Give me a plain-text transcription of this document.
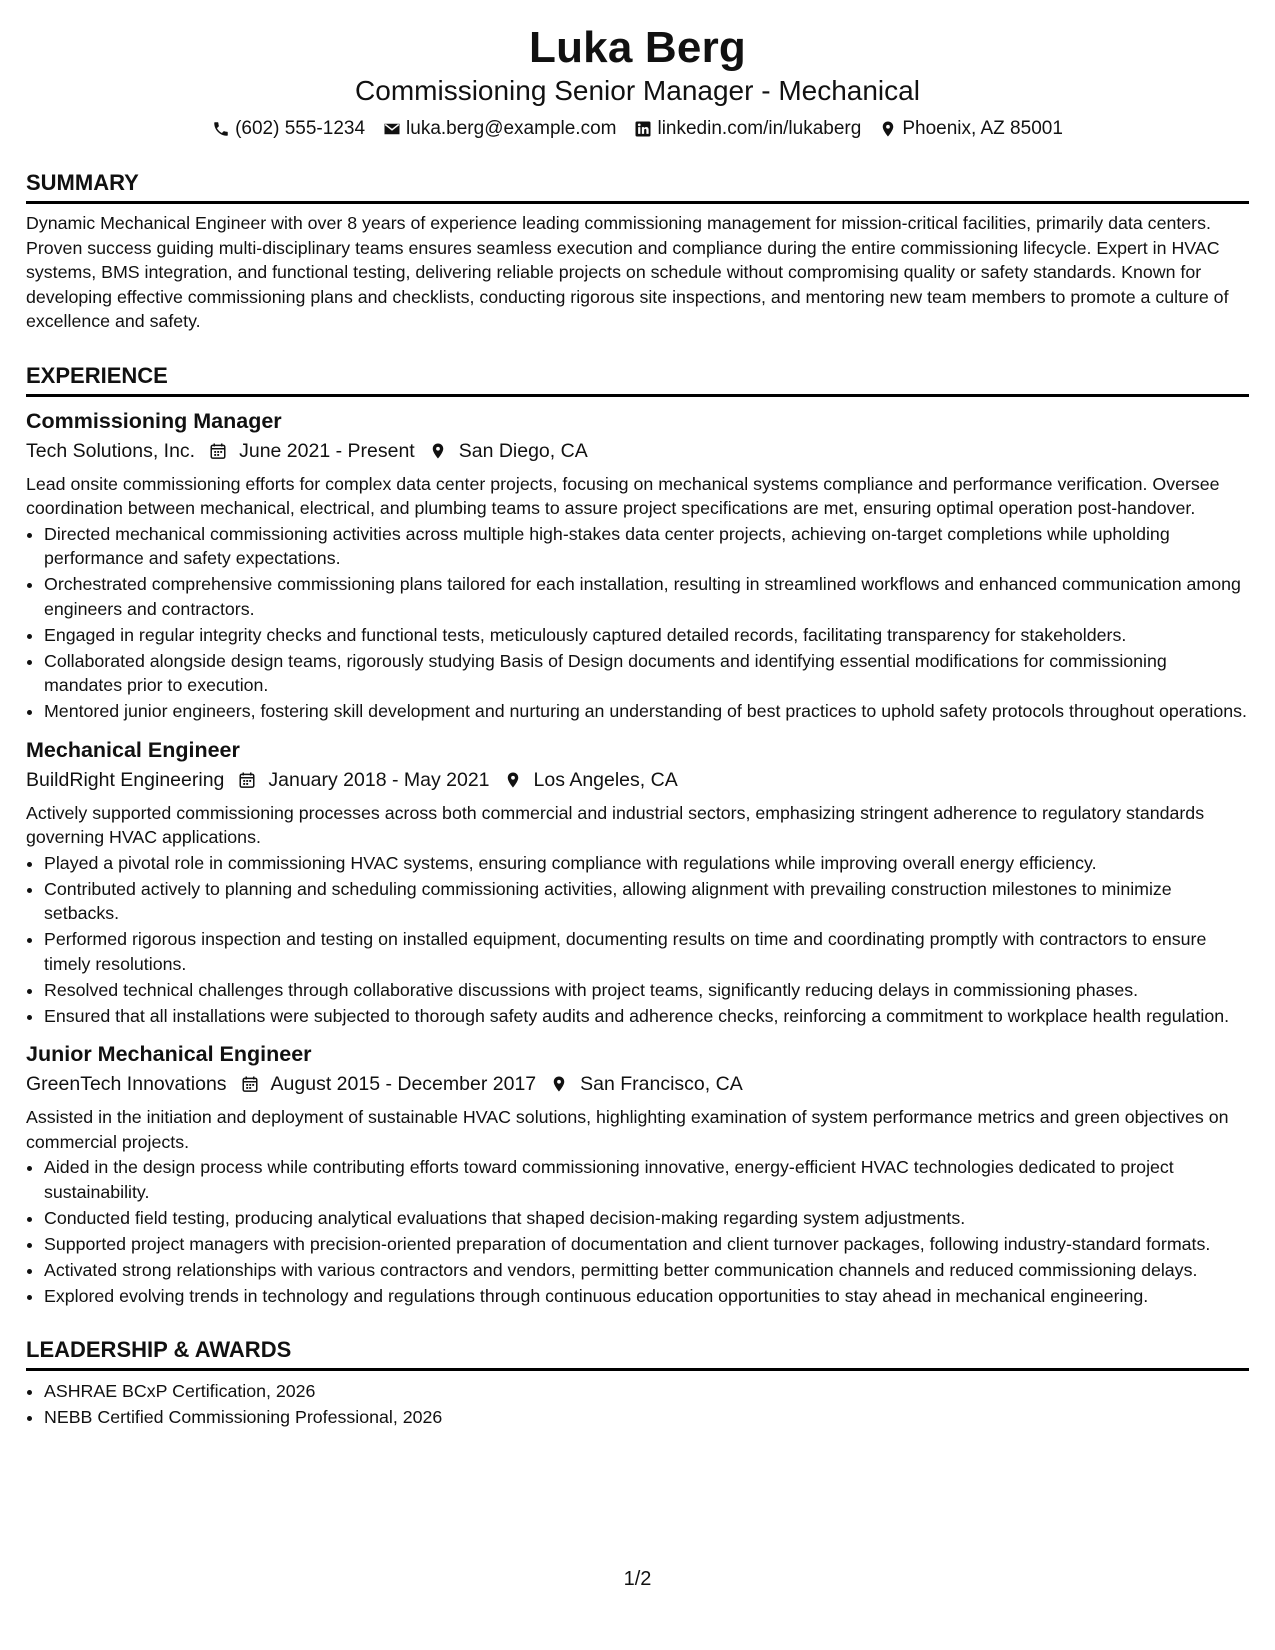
Luka Berg
Commissioning Senior Manager - Mechanical
(602) 555-1234 luka.berg@example.com linkedin.com/in/lukaberg Phoenix, AZ 85001
SUMMARY

Dynamic Mechanical Engineer with over 8 years of experience leading commissioning management for mission-critical facilities, primarily data centers. Proven success guiding multi-disciplinary teams ensures seamless execution and compliance during the entire commissioning lifecycle. Expert in HVAC systems, BMS integration, and functional testing, delivering reliable projects on schedule without compromising quality or safety standards. Known for developing effective commissioning plans and checklists, conducting rigorous site inspections, and mentoring new team members to promote a culture of excellence and safety.

EXPERIENCE
Commissioning Manager
Tech Solutions, Inc. June 2021 - Present San Diego, CA

Lead onsite commissioning efforts for complex data center projects, focusing on mechanical systems compliance and performance verification. Oversee coordination between mechanical, electrical, and plumbing teams to assure project specifications are met, ensuring optimal operation post-handover.

• Directed mechanical commissioning activities across multiple high-stakes data center projects, achieving on-target completions while upholding performance and safety expectations.
• Orchestrated comprehensive commissioning plans tailored for each installation, resulting in streamlined workflows and enhanced communication among engineers and contractors.
• Engaged in regular integrity checks and functional tests, meticulously captured detailed records, facilitating transparency for stakeholders.
• Collaborated alongside design teams, rigorously studying Basis of Design documents and identifying essential modifications for commissioning mandates prior to execution.
• Mentored junior engineers, fostering skill development and nurturing an understanding of best practices to uphold safety protocols throughout operations.
Mechanical Engineer
BuildRight Engineering January 2018 - May 2021 Los Angeles, CA

Actively supported commissioning processes across both commercial and industrial sectors, emphasizing stringent adherence to regulatory standards governing HVAC applications.

• Played a pivotal role in commissioning HVAC systems, ensuring compliance with regulations while improving overall energy efficiency.
• Contributed actively to planning and scheduling commissioning activities, allowing alignment with prevailing construction milestones to minimize setbacks.
• Performed rigorous inspection and testing on installed equipment, documenting results on time and coordinating promptly with contractors to ensure timely resolutions.
• Resolved technical challenges through collaborative discussions with project teams, significantly reducing delays in commissioning phases.
• Ensured that all installations were subjected to thorough safety audits and adherence checks, reinforcing a commitment to workplace health regulation.
Junior Mechanical Engineer
GreenTech Innovations August 2015 - December 2017 San Francisco, CA

Assisted in the initiation and deployment of sustainable HVAC solutions, highlighting examination of system performance metrics and green objectives on commercial projects.

• Aided in the design process while contributing efforts toward commissioning innovative, energy-efficient HVAC technologies dedicated to project sustainability.
• Conducted field testing, producing analytical evaluations that shaped decision-making regarding system adjustments.
• Supported project managers with precision-oriented preparation of documentation and client turnover packages, following industry-standard formats.
• Activated strong relationships with various contractors and vendors, permitting better communication channels and reduced commissioning delays.
• Explored evolving trends in technology and regulations through continuous education opportunities to stay ahead in mechanical engineering.
LEADERSHIP & AWARDS
• ASHRAE BCxP Certification, 2026
• NEBB Certified Commissioning Professional, 2026
1/2
